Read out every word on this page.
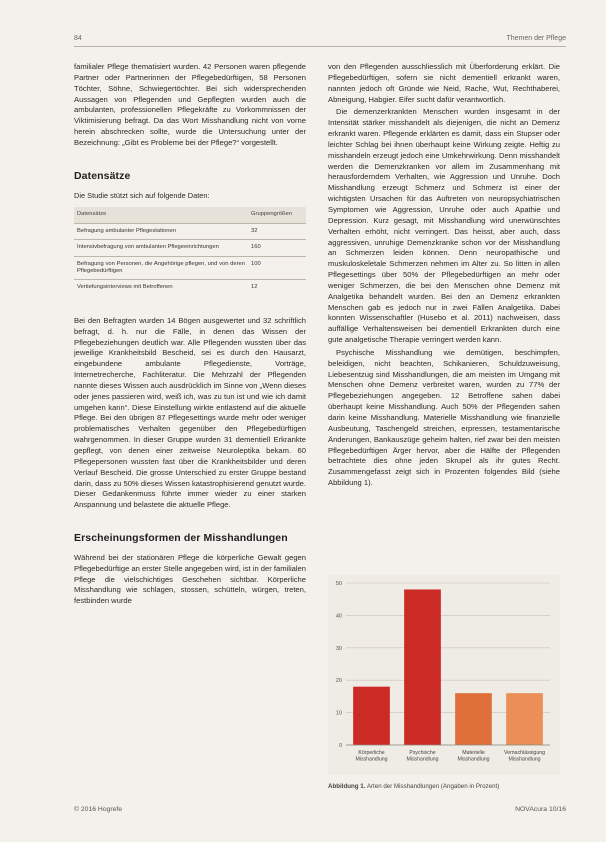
84	Themen der Pflege

familialer Pflege thematisiert wurden. 42 Personen waren pflegende Partner oder Partnerinnen der Pflegebedürftigen, 58 Personen Töchter, Söhne, Schwiegertöchter. Bei sich widersprechenden Aussagen von Pflegenden und Gepflegten wurden auch die ambulanten, professionellen Pflegekräfte zu Vorkommnissen der Viktimisierung befragt. Da das Wort Misshandlung nicht von vorne herein abschrecken sollte, wurde die Untersuchung unter der Bezeichnung: „Gibt es Probleme bei der Pflege?“ vorgestellt.

Datensätze
Die Studie stützt sich auf folgende Daten:
Datensätze	Gruppengrößen
Befragung ambulanter Pflegestationen	32
Intensivbefragung von ambulanten Pflegeeinrichtungen	160
Befragung von Personen, die Angehörige pflegen, und von deren Pflegebedürftigen	100
Vertiefungsinterviews mit Betroffenen	12

Bei den Befragten wurden 14 Bögen ausgewertet und 32 schriftlich befragt, d. h. nur die Fälle, in denen das Wissen der Pflegebeziehungen deutlich war. Alle Pflegenden wussten über das jeweilige Krankheitsbild Bescheid, sei es durch den Hausarzt, eingebundene ambulante Pflegedienste, Vorträge, Internetrecherche, Fachliteratur. Die Mehrzahl der Pflegenden nannte dieses Wissen auch ausdrücklich im Sinne von „Wenn dieses oder jenes passieren wird, weiß ich, was zu tun ist und wie ich damit umgehen kann“. Diese Einstellung wirkte entlastend auf die aktuelle Pflege. Bei den übrigen 87 Pflegesettings wurde mehr oder weniger problematisches Verhalten gegenüber den Pflegebedürftigen wahrgenommen. In dieser Gruppe wurden 31 dementiell Erkrankte gepflegt, von denen einer zeitweise Neuroleptika bekam. 60 Pflegepersonen wussten fast über die Krankheitsbilder und deren Verlauf Bescheid. Die grosse Unterschied zu erster Gruppe bestand darin, dass zu 50% dieses Wissen katastrophisierend genutzt wurde. Dieser Gedankenmuss führte immer wieder zu einer starken Anspannung und belastete die aktuelle Pflege.

Erscheinungsformen der Misshandlungen

Während bei der stationären Pflege die körperliche Gewalt gegen Pflegebedürftige an erster Stelle angegeben wird, ist in der familialen Pflege die vielschichtiges Geschehen sichtbar. Körperliche Misshandlung wie schlagen, stossen, schütteln, würgen, treten, festbinden wurde

von den Pflegenden ausschliesslich mit Überforderung erklärt. Die Pflegebedürftigen, sofern sie nicht dementiell erkrankt waren, nannten jedoch oft Gründe wie Neid, Rache, Wut, Rechthaberei, Abneigung, Habgier. Eifer sucht dafür verantwortlich.

Die demenzerkrankten Menschen wurden insgesamt in der Intensität stärker misshandelt als diejenigen, die nicht an Demenz erkrankt waren. Pflegende erklärten es damit, dass ein Stupser oder leichter Schlag bei ihnen überhaupt keine Wirkung zeigte. Heftig zu misshandeln erzeugt jedoch eine Umkehrwirkung. Denn misshandelt werden die Demenzkranken vor allem im Zusammenhang mit herausforderndem Verhalten, wie Aggression und Unruhe. Doch Misshandlung erzeugt Schmerz und Schmerz ist einer der wichtigsten Ursachen für das Auftreten von neuropsychiatrischen Symptomen wie Aggression, Unruhe oder auch Apathie und Depression. Kurz gesagt, mit Misshandlung wird unerwünschtes Verhalten erhöht, nicht verringert. Das heisst, aber auch, dass aggressiven, unruhige Demenzkranke schon vor der Misshandlung an Schmerzen leiden können. Denn neuropathische und muskuloskeletale Schmerzen nehmen im Alter zu. So litten in allen Pflegesettings über 50% der Pflegebedürftigen an mehr oder weniger Schmerzen, die bei den Menschen ohne Demenz mit Analgetika behandelt wurden. Bei den an Demenz erkrankten Menschen gab es jedoch nur in zwei Fällen Analgetika. Dabei konnten Wissenschaftler (Husebo et al. 2011) nachweisen, dass auffällige Verhaltensweisen bei dementiell Erkrankten durch eine gute analgetische Therapie verringert werden kann.

Psychische Misshandlung wie demütigen, beschimpfen, beleidigen, nicht beachten, Schikanieren, Schuldzuweisung, Liebesentzug sind Misshandlungen, die am meisten im Umgang mit Menschen ohne Demenz verbreitet waren, wurden zu 77% der Pflegebeziehungen angegeben. 12 Betroffene sahen dabei überhaupt keine Misshandlung. Auch 50% der Pflegenden sahen darin keine Misshandlung. Materielle Misshandlung wie finanzielle Ausbeutung, Taschengeld streichen, erpressen, testamentarische Änderungen, Bankauszüge geheim halten, rief zwar bei den meisten Pflegebedürftigen Ärger hervor, aber die Hälfte der Pflegenden betrachtete dies ohne jeden Skrupel als ihr gutes Recht. Zusammengefasst zeigt sich in Prozenten folgendes Bild (siehe Abbildung 1).

0
10
20
30
40
50
Körperliche
Misshandlung
Psychische
Misshandlung
Materielle
Misshandlung
Vernachlässigung
Misshandlung
Abbildung 1. Arten der Misshandlungen (Angaben in Prozent)
© 2016 Hogrefe	NOVAcura 10/16
